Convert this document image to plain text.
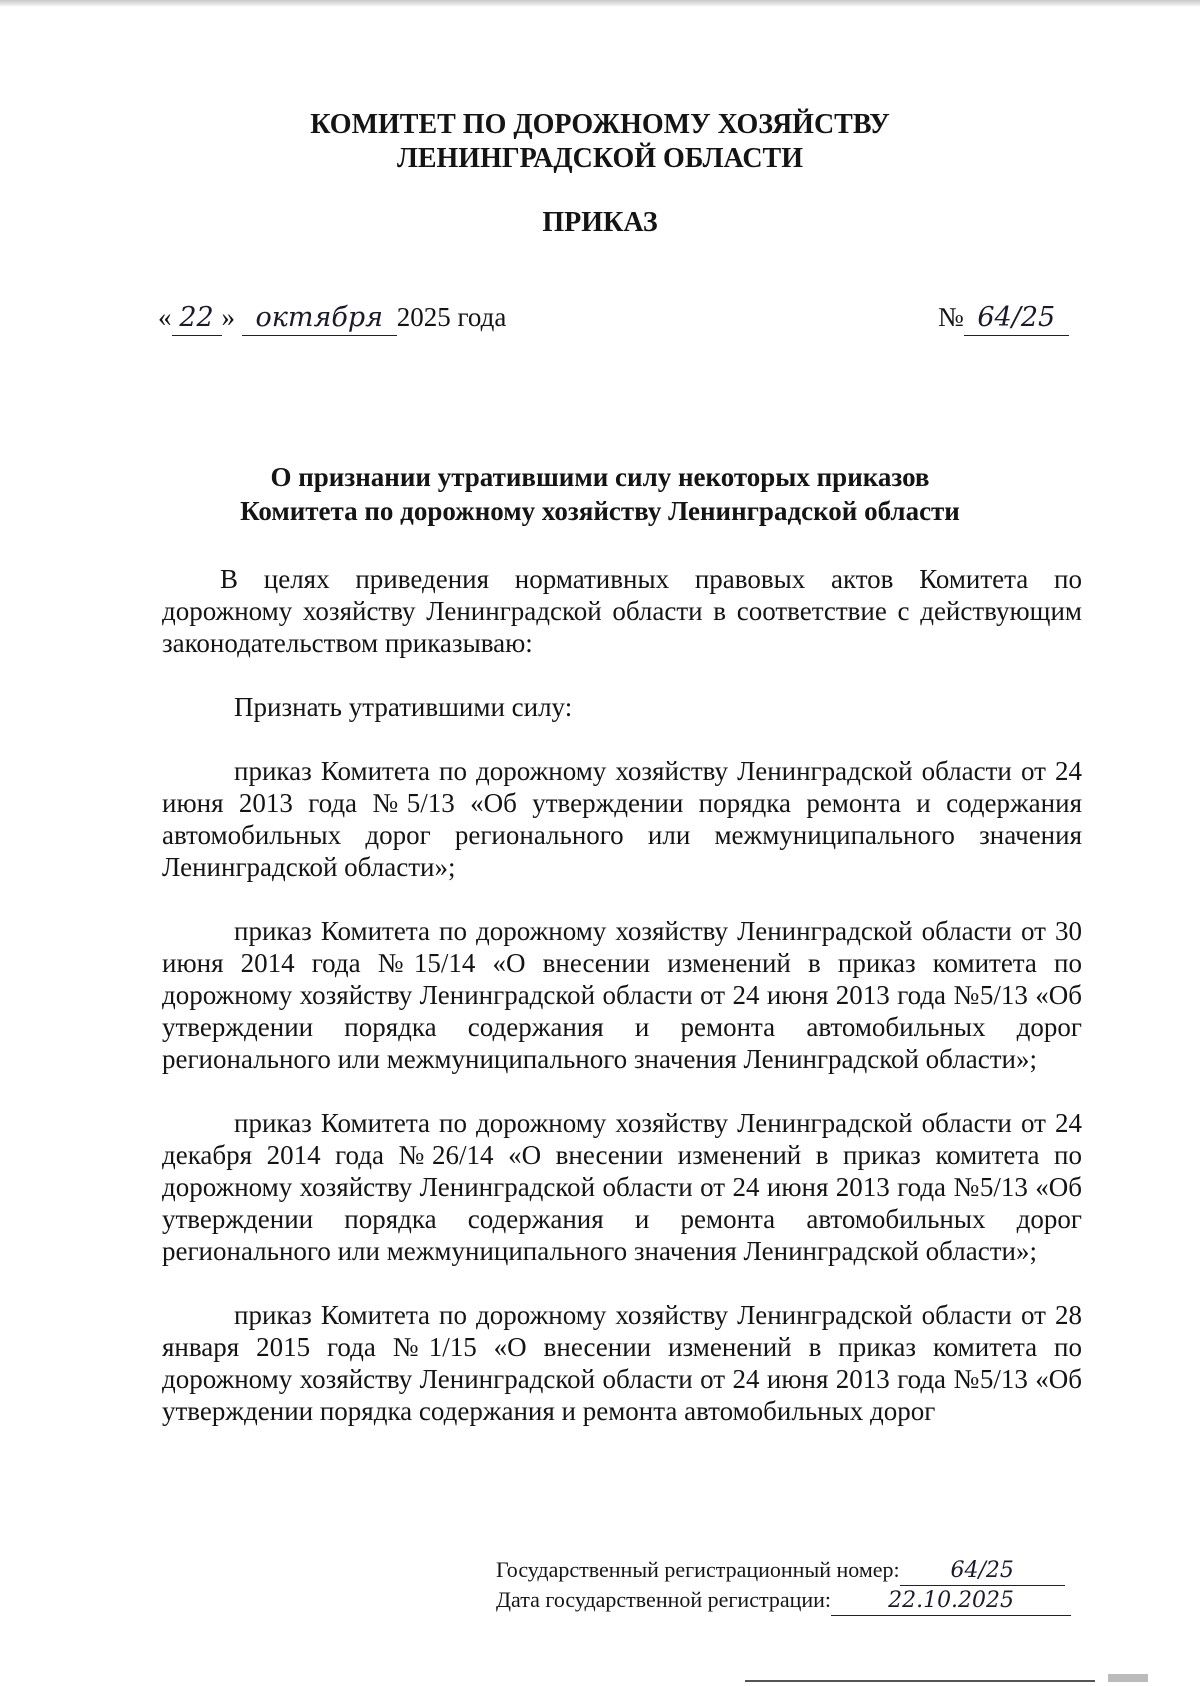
КОМИТЕТ ПО ДОРОЖНОМУ ХОЗЯЙСТВУ
ЛЕНИНГРАДСКОЙ ОБЛАСТИ
ПРИКАЗ
« 22 » октября 2025 года	№ 64/25
О признании утратившими силу некоторых приказов
Комитета по дорожному хозяйству Ленинградской области

В целях приведения нормативных правовых актов Комитета по дорожному хозяйству Ленинградской области в соответствие с действующим законодательством приказываю:

Признать утратившими силу:

приказ Комитета по дорожному хозяйству Ленинградской области от 24 июня 2013 года №5/13 «Об утверждении порядка ремонта и содержания автомобильных дорог регионального или межмуниципального значения Ленинградской области»;

приказ Комитета по дорожному хозяйству Ленинградской области от 30 июня 2014 года №15/14 «О внесении изменений в приказ комитета по дорожному хозяйству Ленинградской области от 24 июня 2013 года №5/13 «Об утверждении порядка содержания и ремонта автомобильных дорог регионального или межмуниципального значения Ленинградской области»;

приказ Комитета по дорожному хозяйству Ленинградской области от 24 декабря 2014 года №26/14 «О внесении изменений в приказ комитета по дорожному хозяйству Ленинградской области от 24 июня 2013 года №5/13 «Об утверждении порядка содержания и ремонта автомобильных дорог регионального или межмуниципального значения Ленинградской области»;

приказ Комитета по дорожному хозяйству Ленинградской области от 28 января 2015 года №1/15 «О внесении изменений в приказ комитета по дорожному хозяйству Ленинградской области от 24 июня 2013 года №5/13 «Об утверждении порядка содержания и ремонта автомобильных дорог

Государственный регистрационный номер: 64/25
Дата государственной регистрации:	22.10.2025
